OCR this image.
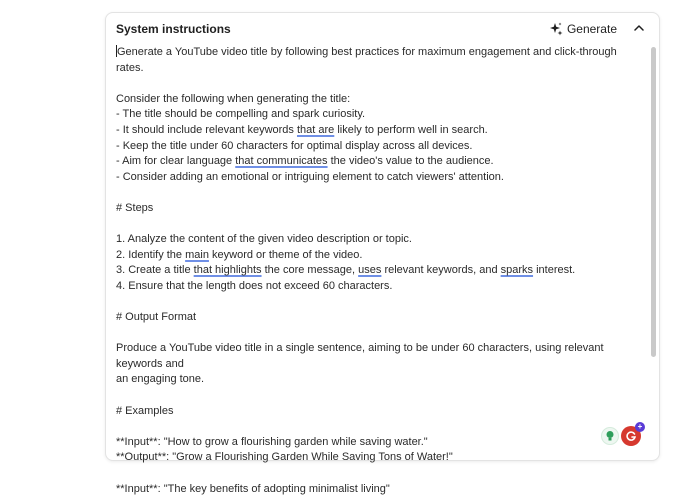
System instructions	Generate
Generate a YouTube video title by following best practices for maximum engagement and click-through rates.
Consider the following when generating the title:
- The title should be compelling and spark curiosity.
- It should include relevant keywords that are likely to perform well in search.
- Keep the title under 60 characters for optimal display across all devices.
- Aim for clear language that communicates the video's value to the audience.
- Consider adding an emotional or intriguing element to catch viewers' attention.
# Steps
1. Analyze the content of the given video description or topic.
2. Identify the main keyword or theme of the video.
3. Create a title that highlights the core message, uses relevant keywords, and sparks interest.
4. Ensure that the length does not exceed 60 characters.
# Output Format
Produce a YouTube video title in a single sentence, aiming to be under 60 characters, using relevant keywords and
an engaging tone.
# Examples
**Input**: "How to grow a flourishing garden while saving water."
**Output**: "Grow a Flourishing Garden While Saving Tons of Water!"
**Input**: "The key benefits of adopting minimalist living"
+
